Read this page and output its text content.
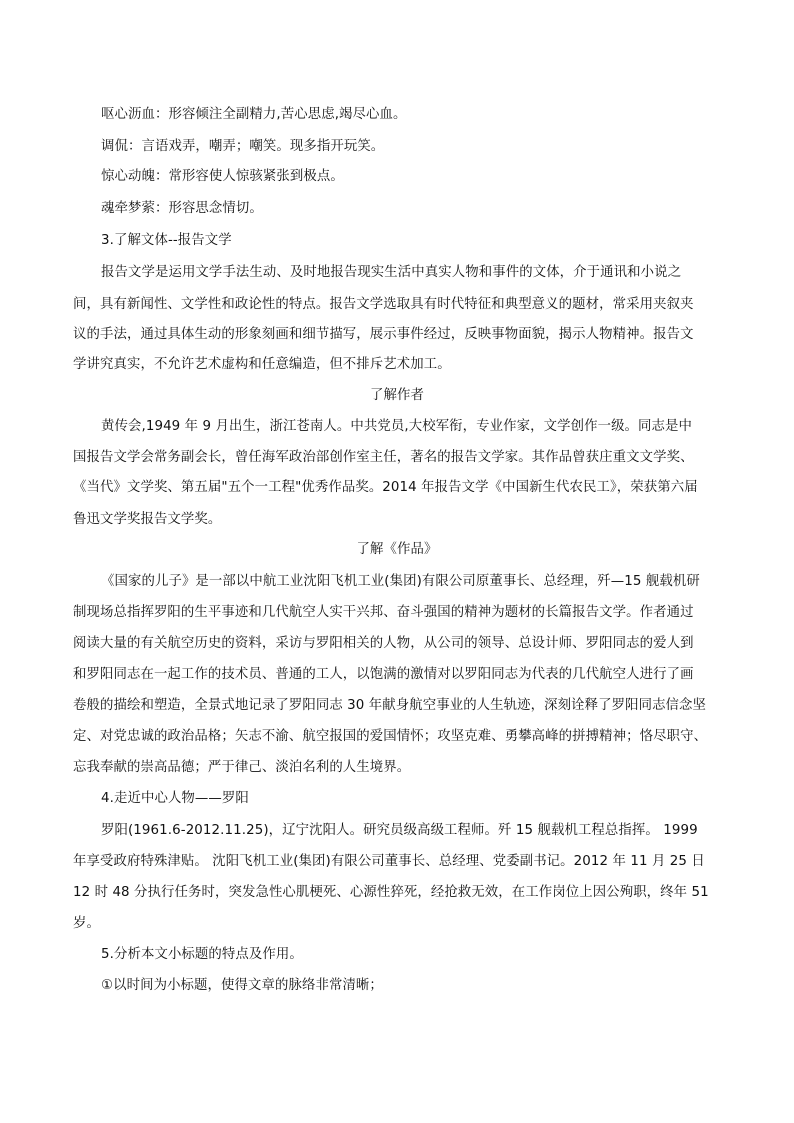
呕心沥血：形容倾注全副精力,苦心思虑,竭尽心血。
调侃：言语戏弄，嘲弄；嘲笑。现多指开玩笑。
惊心动魄：常形容使人惊骇紧张到极点。
魂牵梦萦：形容思念情切。
3.了解文体--报告文学
报告文学是运用文学手法生动、及时地报告现实生活中真实人物和事件的文体，介于通讯和小说之
间，具有新闻性、文学性和政论性的特点。报告文学选取具有时代特征和典型意义的题材，常采用夹叙夹
议的手法，通过具体生动的形象刻画和细节描写，展示事件经过，反映事物面貌，揭示人物精神。报告文
学讲究真实，不允许艺术虚构和任意编造，但不排斥艺术加工。
了解作者
黄传会,1949 年 9 月出生，浙江苍南人。中共党员,大校军衔，专业作家，文学创作一级。同志是中
国报告文学会常务副会长，曾任海军政治部创作室主任，著名的报告文学家。其作品曾获庄重文文学奖、
《当代》文学奖、第五届"五个一工程"优秀作品奖。2014 年报告文学《中国新生代农民工》，荣获第六届
鲁迅文学奖报告文学奖。
了解《作品》
《国家的儿子》是一部以中航工业沈阳飞机工业(集团)有限公司原董事长、总经理，歼—15 舰载机研
制现场总指挥罗阳的生平事迹和几代航空人实干兴邦、奋斗强国的精神为题材的长篇报告文学。作者通过
阅读大量的有关航空历史的资料，采访与罗阳相关的人物，从公司的领导、总设计师、罗阳同志的爱人到
和罗阳同志在一起工作的技术员、普通的工人，以饱满的激情对以罗阳同志为代表的几代航空人进行了画
卷般的描绘和塑造，全景式地记录了罗阳同志 30 年献身航空事业的人生轨迹，深刻诠释了罗阳同志信念坚
定、对党忠诚的政治品格；矢志不渝、航空报国的爱国情怀；攻坚克难、勇攀高峰的拼搏精神；恪尽职守、
忘我奉献的崇高品德；严于律己、淡泊名利的人生境界。
4.走近中心人物——罗阳
罗阳(1961.6-2012.11.25)，辽宁沈阳人。研究员级高级工程师。歼 15 舰载机工程总指挥。 1999
年享受政府特殊津贴。 沈阳飞机工业(集团)有限公司董事长、总经理、党委副书记。2012 年 11 月 25 日
12 时 48 分执行任务时，突发急性心肌梗死、心源性猝死，经抢救无效，在工作岗位上因公殉职，终年 51
岁。
5.分析本文小标题的特点及作用。
①以时间为小标题，使得文章的脉络非常清晰；
